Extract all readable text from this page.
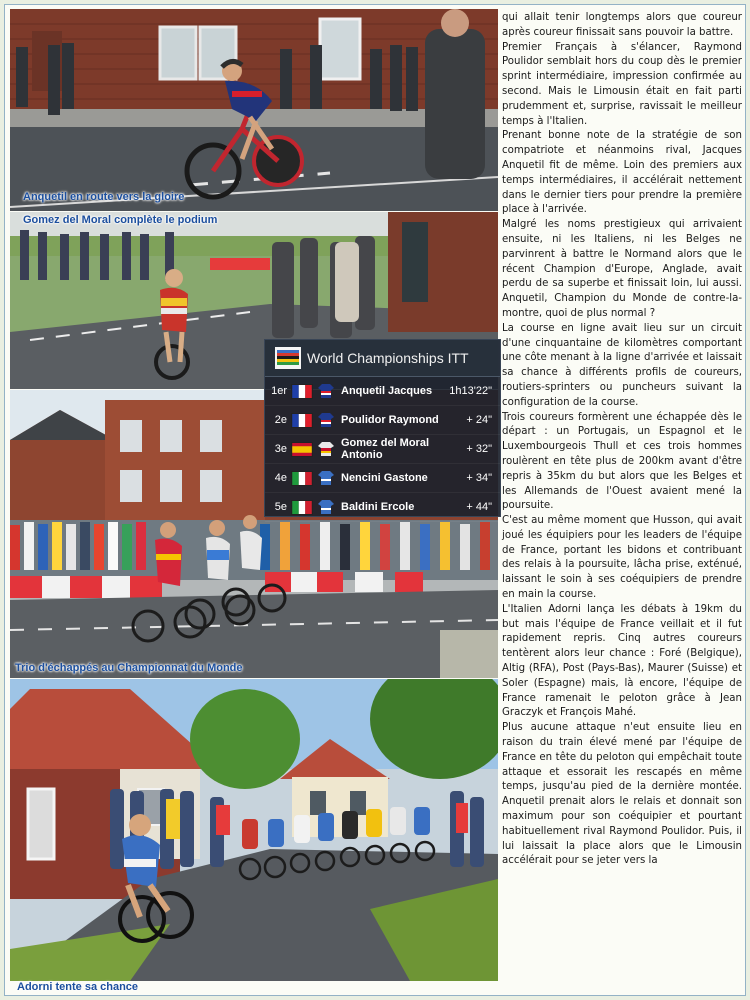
Anquetil en route vers la gloire
Gomez del Moral complète le podium
Trio d'échappés au Championnat du Monde
World Championships ITT
1er	Anquetil Jacques	1h13'22"
2e	Poulidor Raymond	+ 24"
3e	Gomez del Moral Antonio	+ 32"
4e	Nencini Gastone	+ 34"
5e	Baldini Ercole	+ 44"
Adorni tente sa chance

qui allait tenir longtemps alors que coureur après coureur finissait sans pouvoir la battre.

Premier Français à s'élancer, Raymond Poulidor semblait hors du coup dès le premier sprint intermédiaire, impression confirmée au second. Mais le Limousin était en fait parti prudemment et, surprise, ravissait le meilleur temps à l'Italien.

Prenant bonne note de la stratégie de son compatriote et néanmoins rival, Jacques Anquetil fit de même. Loin des premiers aux temps intermédiaires, il accélérait nettement dans le dernier tiers pour prendre la première place à l'arrivée.

Malgré les noms prestigieux qui arrivaient ensuite, ni les Italiens, ni les Belges ne parvinrent à battre le Normand alors que le récent Champion d'Europe, Anglade, avait perdu de sa superbe et finissait loin, lui aussi. Anquetil, Champion du Monde de contre-la-montre, quoi de plus normal ?

La course en ligne avait lieu sur un circuit d'une cinquantaine de kilomètres comportant une côte menant à la ligne d'arrivée et laissait sa chance à différents profils de coureurs, routiers-sprinters ou puncheurs suivant la configuration de la course.

Trois coureurs formèrent une échappée dès le départ : un Portugais, un Espagnol et le Luxembourgeois Thull et ces trois hommes roulèrent en tête plus de 200km avant d'être repris à 35km du but alors que les Belges et les Allemands de l'Ouest avaient mené la poursuite.

C'est au même moment que Husson, qui avait joué les équipiers pour les leaders de l'équipe de France, portant les bidons et contribuant des relais à la poursuite, lâcha prise, exténué, laissant le soin à ses coéquipiers de prendre en main la course.

L'Italien Adorni lança les débats à 19km du but mais l'équipe de France veillait et il fut rapidement repris. Cinq autres coureurs tentèrent alors leur chance : Foré (Belgique), Altig (RFA), Post (Pays-Bas), Maurer (Suisse) et Soler (Espagne) mais, là encore, l'équipe de France ramenait le peloton grâce à Jean Graczyk et François Mahé.

Plus aucune attaque n'eut ensuite lieu en raison du train élevé mené par l'équipe de France en tête du peloton qui empêchait toute attaque et essorait les rescapés en même temps, jusqu'au pied de la dernière montée. Anquetil prenait alors le relais et donnait son maximum pour son coéquipier et pourtant habituellement rival Raymond Poulidor. Puis, il lui laissait la place alors que le Limousin accélérait pour se jeter vers la
